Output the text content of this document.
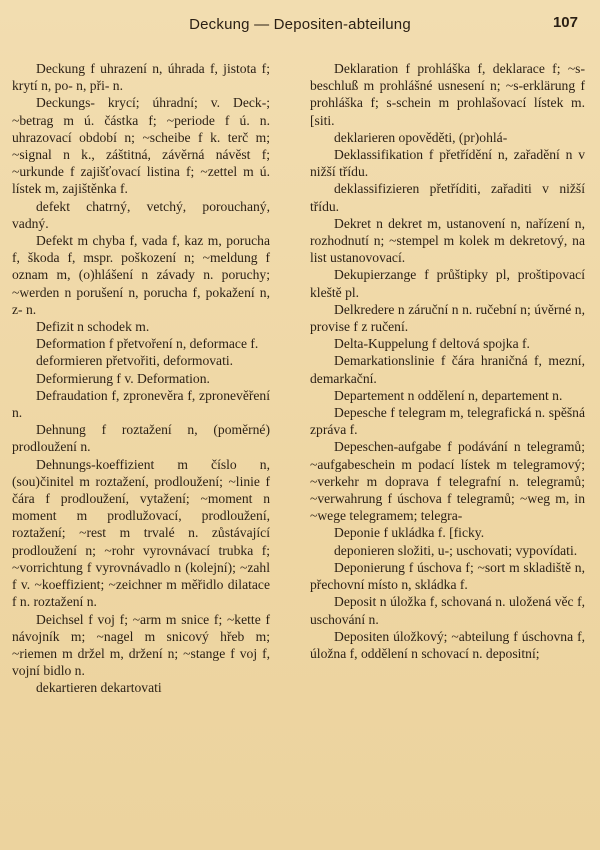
Deckung — Depositen-abteilung	107

Deckung f uhrazení n, úhrada f, jistota f; krytí n, po- n, při- n.

Deckungs- krycí; úhradní; v. Deck-; ~betrag m ú. částka f; ~periode f ú. n. uhrazovací období n; ~scheibe f k. terč m; ~signal n k., záštitná, závěrná návěst f; ~urkunde f zajišťovací listina f; ~zettel m ú. lístek m, zajištěnka f.

defekt chatrný, vetchý, porouchaný, vadný.

Defekt m chyba f, vada f, kaz m, porucha f, škoda f, mspr. poškození n; ~meldung f oznam m, (o)hlášení n závady n. poruchy; ~werden n porušení n, porucha f, pokažení n, z- n.

Defizit n schodek m.

Deformation f přetvoření n, deformace f.

deformieren přetvořiti, deformovati.

Deformierung f v. Deformation.

Defraudation f, zpronevěra f, zpronevěření n.

Dehnung f roztažení n, (poměrné) prodloužení n.

Dehnungs-koeffizient m číslo n, (sou)činitel m roztažení, prodloužení; ~linie f čára f prodloužení, vytažení; ~moment n moment m prodlužovací, prodloužení, roztažení; ~rest m trvalé n. zůstávající prodloužení n; ~rohr vyrovnávací trubka f; ~vorrichtung f vyrovnávadlo n (kolejní); ~zahl f v. ~koeffizient; ~zeichner m měřidlo dilatace f n. roztažení n.

Deichsel f voj f; ~arm m snice f; ~kette f návojník m; ~nagel m snicový hřeb m; ~riemen m držel m, držení n; ~stange f voj f, vojní bidlo n.

dekartieren dekartovati

Deklaration f prohláška f, deklarace f; ~s-beschluß m prohlášné usnesení n; ~s-erklärung f prohláška f; s-schein m prohlašovací lístek m. [siti.

deklarieren opověděti, (pr)ohlá-

Deklassifikation f přetřídění n, zařadění n v nižší třídu.

deklassifizieren přetříditi, zařaditi v nižší třídu.

Dekret n dekret m, ustanovení n, nařízení n, rozhodnutí n; ~stempel m kolek m dekretový, na list ustanovovací.

Dekupierzange f průštipky pl, proštipovací kleště pl.

Delkredere n záruční n n. ručební n; úvěrné n, provise f z ručení.

Delta-Kuppelung f deltová spojka f.

Demarkationslinie f čára hraničná f, mezní, demarkační.

Departement n oddělení n, departement n.

Depesche f telegram m, telegrafická n. spěšná zpráva f.

Depeschen-aufgabe f podávání n telegramů; ~aufgabeschein m podací lístek m telegramový; ~verkehr m doprava f telegrafní n. telegramů; ~verwahrung f úschova f telegramů; ~weg m, in ~wege telegramem; telegra-

Deponie f ukládka f. [ficky.

deponieren složiti, u-; uschovati; vypovídati.

Deponierung f úschova f; ~sort m skladiště n, přechovní místo n, skládka f.

Deposit n úložka f, schovaná n. uložená věc f, uschování n.

Depositen úložkový; ~abteilung f úschovna f, úložna f, oddělení n schovací n. depositní;
